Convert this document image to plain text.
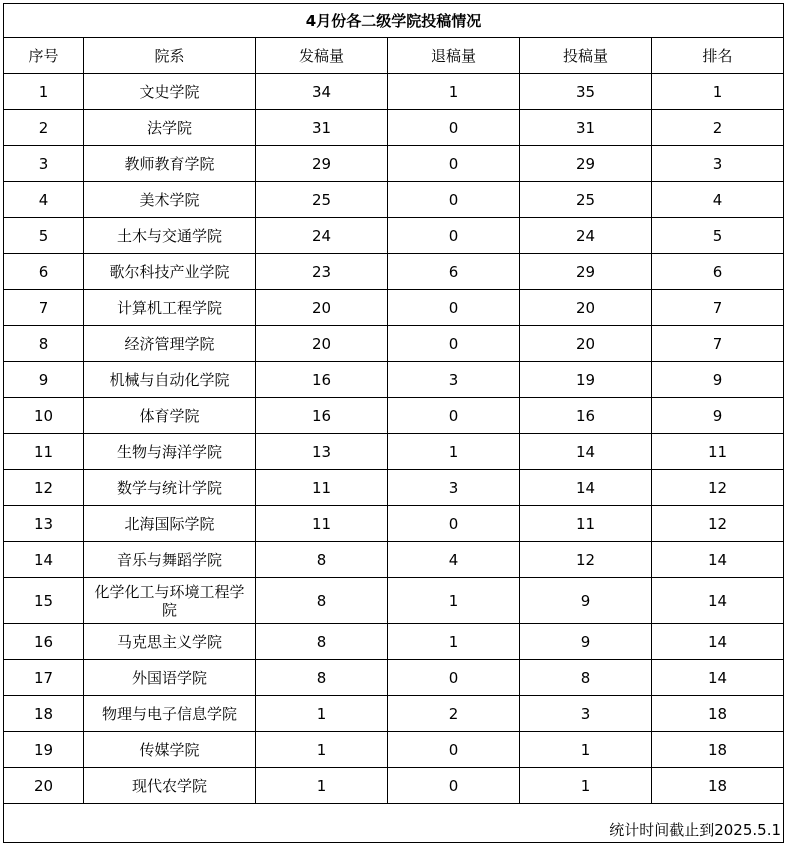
4月份各二级学院投稿情况					
序号	院系	发稿量	退稿量	投稿量	排名
1	文史学院	34	1	35	1
2	法学院	31	0	31	2
3	教师教育学院	29	0	29	3
4	美术学院	25	0	25	4
5	土木与交通学院	24	0	24	5
6	歌尔科技产业学院	23	6	29	6
7	计算机工程学院	20	0	20	7
8	经济管理学院	20	0	20	7
9	机械与自动化学院	16	3	19	9
10	体育学院	16	0	16	9
11	生物与海洋学院	13	1	14	11
12	数学与统计学院	11	3	14	12
13	北海国际学院	11	0	11	12
14	音乐与舞蹈学院	8	4	12	14
15	化学化工与环境工程学院	8	1	9	14
16	马克思主义学院	8	1	9	14
17	外国语学院	8	0	8	14
18	物理与电子信息学院	1	2	3	18
19	传媒学院	1	0	1	18
20	现代农学院	1	0	1	18
统计时间截止到2025.5.1					
